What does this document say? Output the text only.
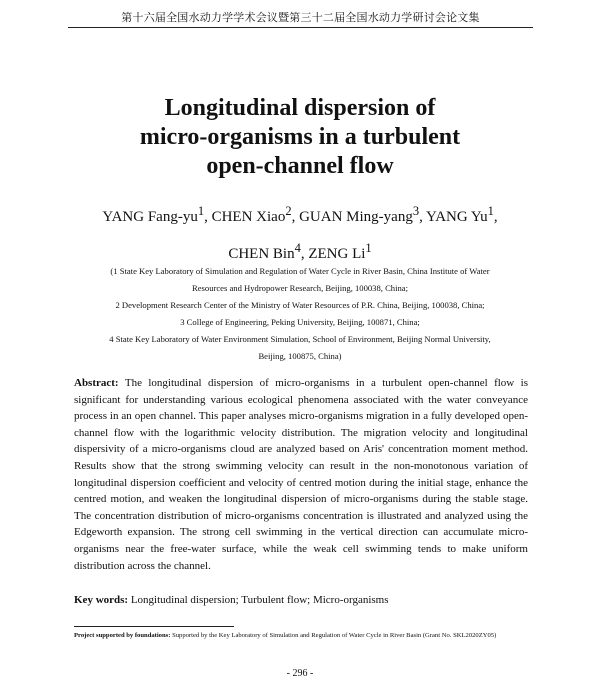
第十六届全国水动力学学术会议暨第三十二届全国水动力学研讨会论文集
Longitudinal dispersion of
micro-organisms in a turbulent
open-channel flow
YANG Fang-$yu^1$, CHEN Xiao$^2$, GUAN Ming-yang$^3$, YANG Yu$^1$,
CHEN Bin$^4$, ZENG Li$^1$
(1 State Key Laboratory of Simulation and Regulation of Water Cycle in River Basin, China Institute of Water
Resources and Hydropower Research, Beijing, 100038, China;
2 Development Research Center of the Ministry of Water Resources of P.R. China, Beijing, 100038, China;
3 College of Engineering, Peking University, Beijing, 100871, China;
4 State Key Laboratory of Water Environment Simulation, School of Environment, Beijing Normal University,
Beijing, 100875, China)

Abstract: The longitudinal dispersion of micro-organisms in a turbulent open-channel flow is significant for understanding various ecological phenomena associated with the water conveyance process in an open channel. This paper analyses micro-organisms migration in a fully developed open-channel flow with the logarithmic velocity distribution. The migration velocity and longitudinal dispersivity of a micro-organisms cloud are analyzed based on Aris' concentration moment method. Results show that the strong swimming velocity can result in the non-monotonous variation of longitudinal dispersion coefficient and velocity of centred motion during the initial stage, enhance the centred motion, and weaken the longitudinal dispersion of micro-organisms during the stable stage. The concentration distribution of micro-organisms concentration is illustrated and analyzed using the Edgeworth expansion. The strong cell swimming in the vertical direction can accumulate micro-organisms near the free-water surface, while the weak cell swimming tends to make uniform distribution across the channel.

Key words: Longitudinal dispersion; Turbulent flow; Micro-organisms
Project supported by foundations: Supported by the Key Laboratory of Simulation and Regulation of Water Cycle in River Basin (Grant No. SKL2020ZY05)
- 296 -
